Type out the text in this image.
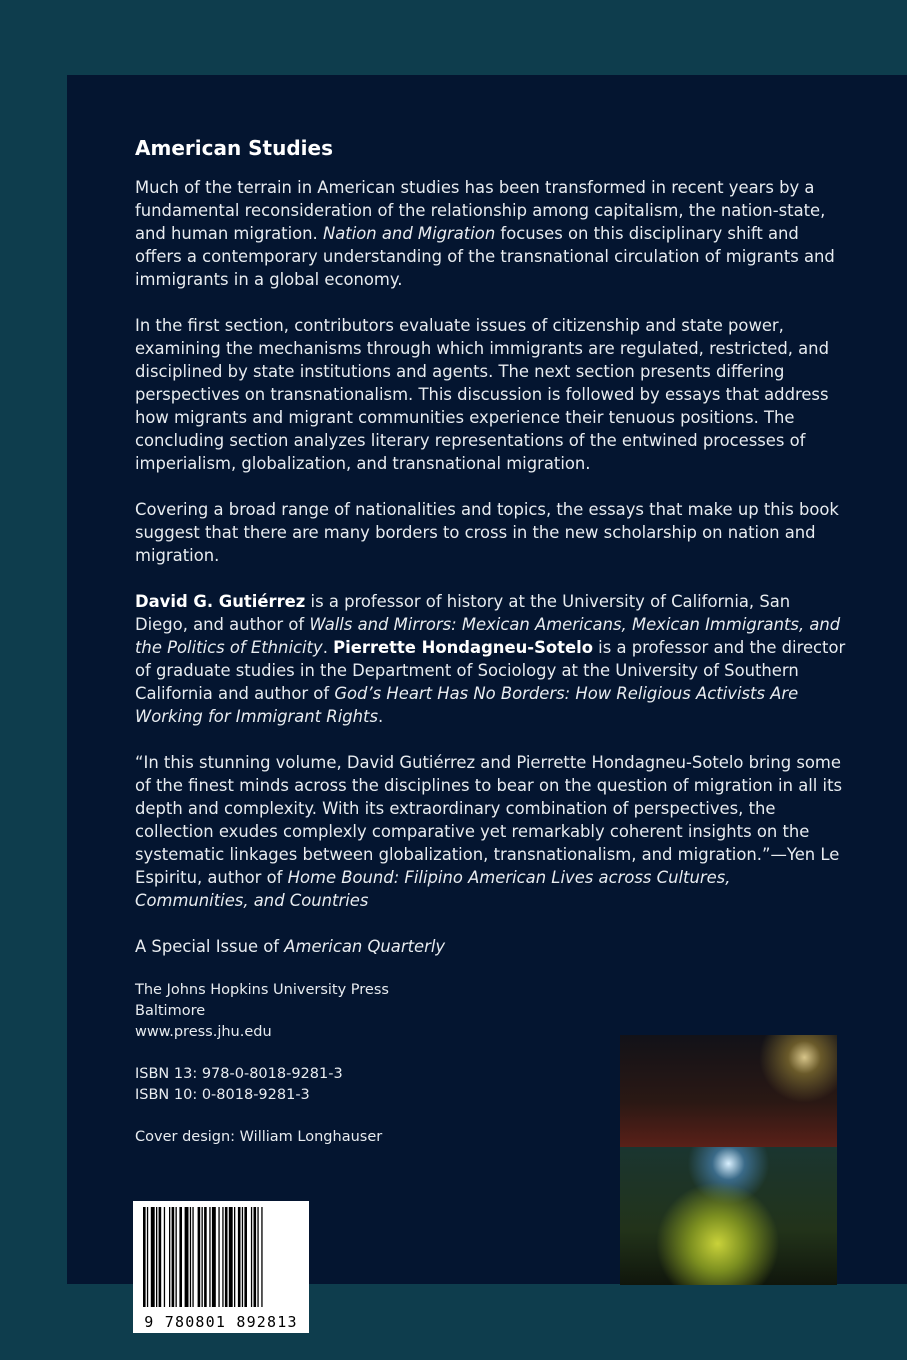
American Studies

Much of the terrain in American studies has been transformed in recent years by a fundamental reconsideration of the relationship among capitalism, the nation-state, and human migration. Nation and Migration focuses on this disciplinary shift and offers a contemporary understanding of the transnational circulation of migrants and immigrants in a global economy.

In the first section, contributors evaluate issues of citizenship and state power, examining the mechanisms through which immigrants are regulated, restricted, and disciplined by state institutions and agents. The next section presents differing perspectives on transnationalism. This discussion is followed by essays that address how migrants and migrant communities experience their tenuous positions. The concluding section analyzes literary representations of the entwined processes of imperialism, globalization, and transnational migration.

Covering a broad range of nationalities and topics, the essays that make up this book suggest that there are many borders to cross in the new scholarship on nation and migration.

David G. Gutiérrez is a professor of history at the University of California, San Diego, and author of Walls and Mirrors: Mexican Americans, Mexican Immigrants, and the Politics of Ethnicity. Pierrette Hondagneu-Sotelo is a professor and the director of graduate studies in the Department of Sociology at the University of Southern California and author of God’s Heart Has No Borders: How Religious Activists Are Working for Immigrant Rights.

“In this stunning volume, David Gutiérrez and Pierrette Hondagneu-Sotelo bring some of the finest minds across the disciplines to bear on the question of migration in all its depth and complexity. With its extraordinary combination of perspectives, the collection exudes complexly comparative yet remarkably coherent insights on the systematic linkages between globalization, transnationalism, and migration.”—Yen Le Espiritu, author of Home Bound: Filipino American Lives across Cultures, Communities, and Countries

A Special Issue of American Quarterly

The Johns Hopkins University Press
Baltimore
www.press.jhu.edu

ISBN 13: 978-0-8018-9281-3
ISBN 10: 0-8018-9281-3

Cover design: William Longhauser

9 780801 892813
